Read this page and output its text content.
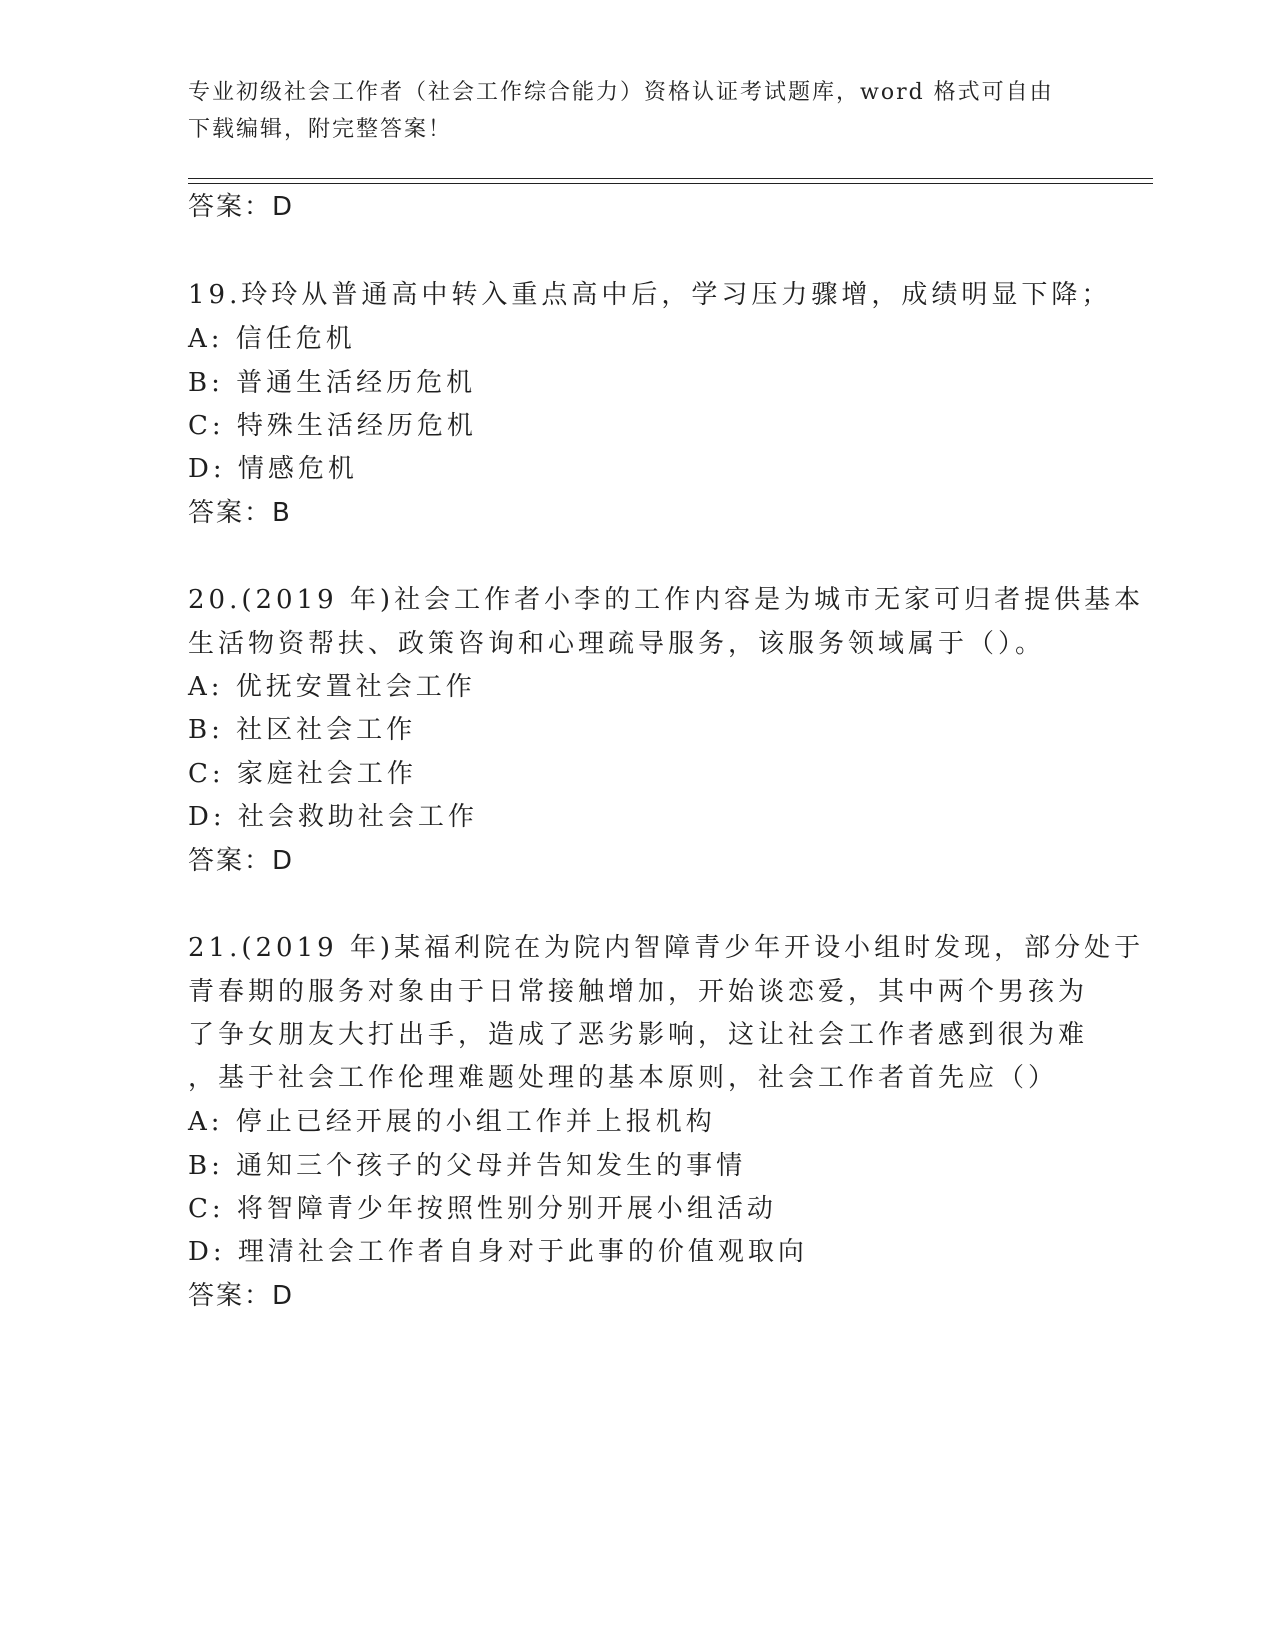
专业初级社会工作者（社会工作综合能力）资格认证考试题库，word 格式可自由
下载编辑，附完整答案！
答案：D
19.玲玲从普通高中转入重点高中后，学习压力骤增，成绩明显下降；
A: 信任危机
B: 普通生活经历危机
C: 特殊生活经历危机
D: 情感危机
答案：B
20.(2019 年)社会工作者小李的工作内容是为城市无家可归者提供基本
生活物资帮扶、政策咨询和心理疏导服务，该服务领域属于（）。
A: 优抚安置社会工作
B: 社区社会工作
C: 家庭社会工作
D: 社会救助社会工作
答案：D
21.(2019 年)某福利院在为院内智障青少年开设小组时发现，部分处于
青春期的服务对象由于日常接触增加，开始谈恋爱，其中两个男孩为
了争女朋友大打出手，造成了恶劣影响，这让社会工作者感到很为难
，基于社会工作伦理难题处理的基本原则，社会工作者首先应（）
A: 停止已经开展的小组工作并上报机构
B: 通知三个孩子的父母并告知发生的事情
C: 将智障青少年按照性别分别开展小组活动
D: 理清社会工作者自身对于此事的价值观取向
答案：D
